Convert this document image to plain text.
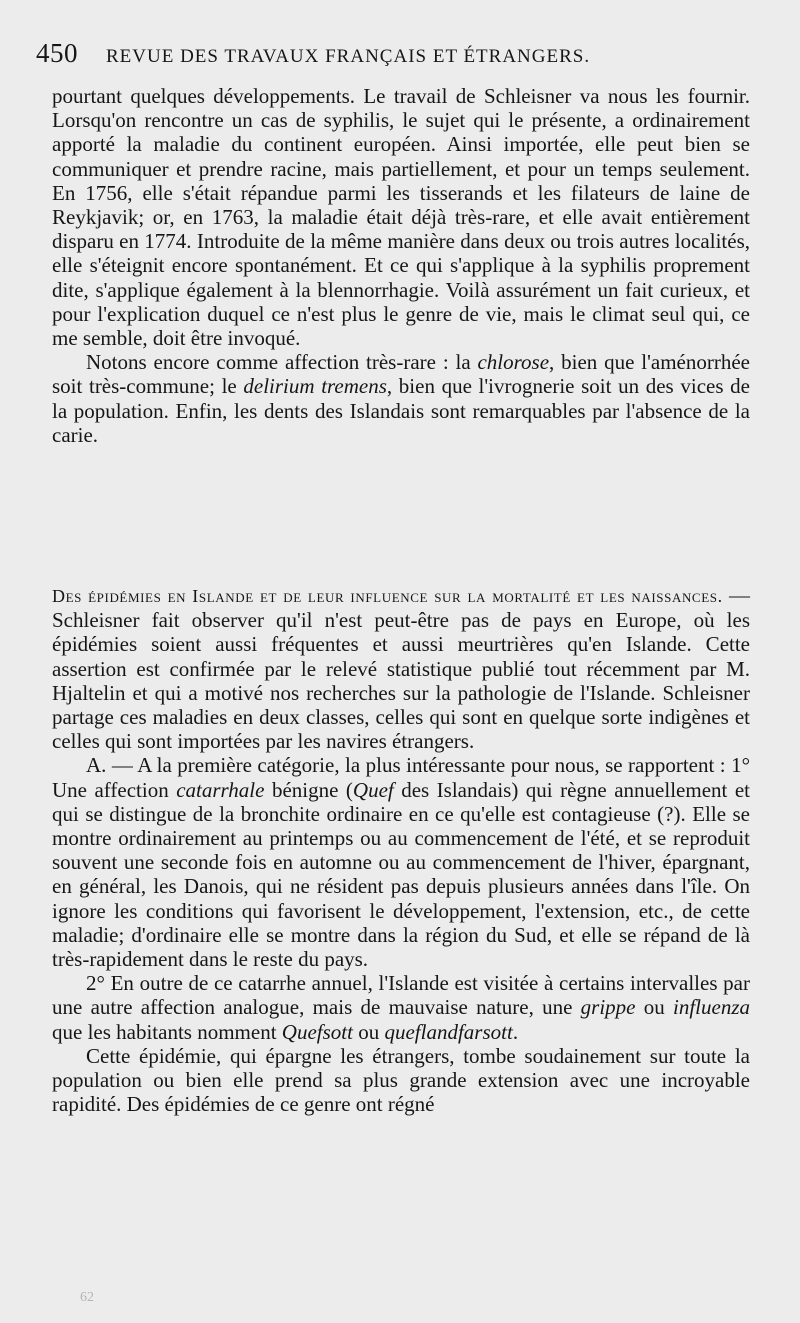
450 REVUE DES TRAVAUX FRANÇAIS ET ÉTRANGERS.

pourtant quelques développements. Le travail de Schleisner va nous les fournir. Lorsqu'on rencontre un cas de syphilis, le sujet qui le présente, a ordinairement apporté la maladie du continent européen. Ainsi importée, elle peut bien se communiquer et prendre racine, mais partiellement, et pour un temps seulement. En 1756, elle s'était répandue parmi les tisserands et les filateurs de laine de Reykjavik; or, en 1763, la maladie était déjà très-rare, et elle avait entièrement disparu en 1774. Introduite de la même manière dans deux ou trois autres localités, elle s'éteignit encore spontanément. Et ce qui s'applique à la syphilis proprement dite, s'applique également à la blennorrhagie. Voilà assurément un fait curieux, et pour l'explication duquel ce n'est plus le genre de vie, mais le climat seul qui, ce me semble, doit être invoqué.

Notons encore comme affection très-rare : la chlorose, bien que l'aménorrhée soit très-commune; le delirium tremens, bien que l'ivrognerie soit un des vices de la population. Enfin, les dents des Islandais sont remarquables par l'absence de la carie.

Des épidémies en Islande et de leur influence sur la mortalité et les naissances. — Schleisner fait observer qu'il n'est peut-être pas de pays en Europe, où les épidémies soient aussi fréquentes et aussi meurtrières qu'en Islande. Cette assertion est confirmée par le relevé statistique publié tout récemment par M. Hjaltelin et qui a motivé nos recherches sur la pathologie de l'Islande. Schleisner partage ces maladies en deux classes, celles qui sont en quelque sorte indigènes et celles qui sont importées par les navires étrangers.

A. — A la première catégorie, la plus intéressante pour nous, se rapportent : 1° Une affection catarrhale bénigne (Quef des Islandais) qui règne annuellement et qui se distingue de la bronchite ordinaire en ce qu'elle est contagieuse (?). Elle se montre ordinairement au printemps ou au commencement de l'été, et se reproduit souvent une seconde fois en automne ou au commencement de l'hiver, épargnant, en général, les Danois, qui ne résident pas depuis plusieurs années dans l'île. On ignore les conditions qui favorisent le développement, l'extension, etc., de cette maladie; d'ordinaire elle se montre dans la région du Sud, et elle se répand de là très-rapidement dans le reste du pays.

2° En outre de ce catarrhe annuel, l'Islande est visitée à certains intervalles par une autre affection analogue, mais de mauvaise nature, une grippe ou influenza que les habitants nomment Quefsott ou queflandfarsott.

Cette épidémie, qui épargne les étrangers, tombe soudainement sur toute la population ou bien elle prend sa plus grande extension avec une incroyable rapidité. Des épidémies de ce genre ont régné

62
